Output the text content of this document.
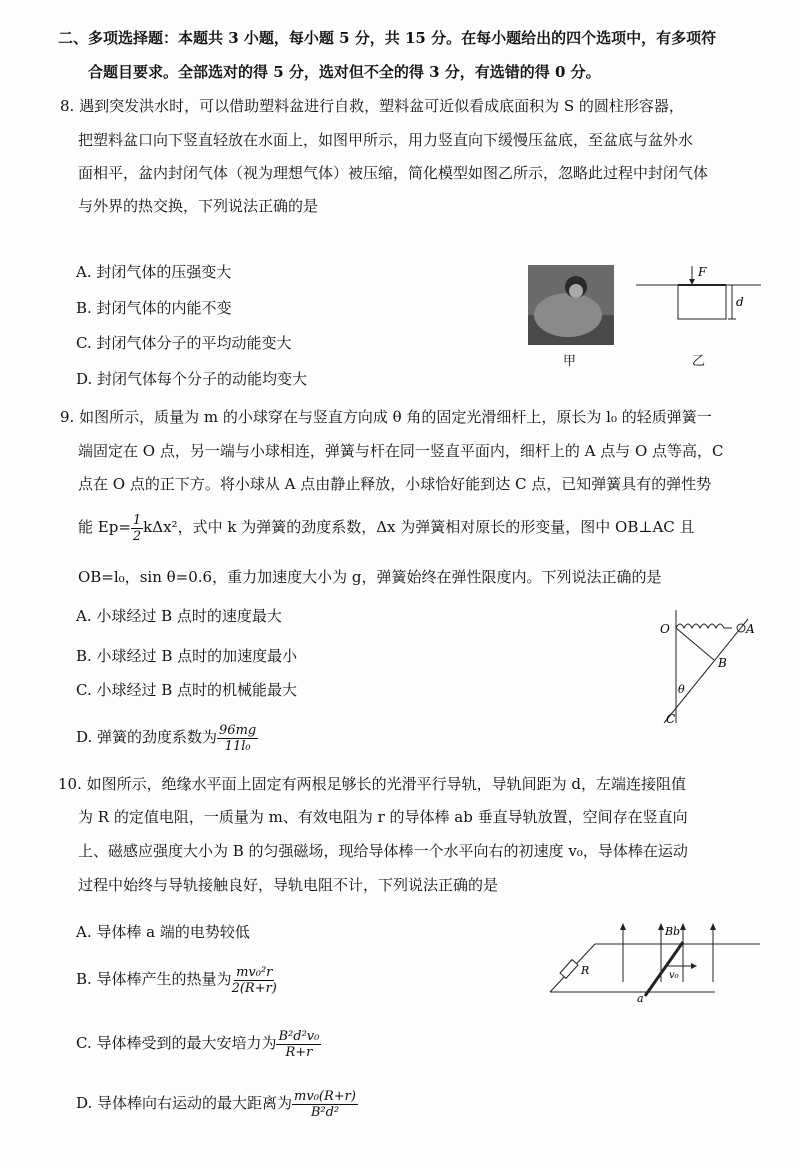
二、多项选择题：本题共 3 小题，每小题 5 分，共 15 分。在每小题给出的四个选项中，有多项符
合题目要求。全部选对的得 5 分，选对但不全的得 3 分，有选错的得 0 分。
8. 遇到突发洪水时，可以借助塑料盆进行自救，塑料盆可近似看成底面积为 S 的圆柱形容器，
把塑料盆口向下竖直轻放在水面上，如图甲所示，用力竖直向下缓慢压盆底，至盆底与盆外水
面相平，盆内封闭气体（视为理想气体）被压缩，简化模型如图乙所示，忽略此过程中封闭气体
与外界的热交换，下列说法正确的是
A. 封闭气体的压强变大
B. 封闭气体的内能不变
C. 封闭气体分子的平均动能变大
D. 封闭气体每个分子的动能均变大
甲
F
d
乙
9. 如图所示，质量为 m 的小球穿在与竖直方向成 θ 角的固定光滑细杆上，原长为 l₀ 的轻质弹簧一
端固定在 O 点，另一端与小球相连，弹簧与杆在同一竖直平面内，细杆上的 A 点与 O 点等高，C
点在 O 点的正下方。将小球从 A 点由静止释放，小球恰好能到达 C 点，已知弹簧具有的弹性势
能 $Ep= \frac{1}{2} k\Delta x^2$，式中 k 为弹簧的劲度系数，Δx 为弹簧相对原长的形变量，图中 OB⊥AC 且
OB=l₀，sin θ=0.6，重力加速度大小为 g，弹簧始终在弹性限度内。下列说法正确的是
A. 小球经过 B 点时的速度最大
B. 小球经过 B 点时的加速度最小
C. 小球经过 B 点时的机械能最大
D. 弹簧的劲度系数为 $\frac{96mg}{\text{11l₀}}$
O	A
B
θ
C
10. 如图所示，绝缘水平面上固定有两根足够长的光滑平行导轨，导轨间距为 d，左端连接阻值
为 R 的定值电阻，一质量为 m、有效电阻为 r 的导体棒 ab 垂直导轨放置，空间存在竖直向
上、磁感应强度大小为 B 的匀强磁场，现给导体棒一个水平向右的初速度 v₀，导体棒在运动
过程中始终与导轨接触良好，导轨电阻不计，下列说法正确的是
A. 导体棒 a 端的电势较低
B. 导体棒产生的热量为 $\frac{\text{mv₀²r}}{2(R+r)}$
C. 导体棒受到的最大安培力为 $\frac{\text{B²d²v₀}}{R+r}$
D. 导体棒向右运动的最大距离为 $\frac{\text{mv₀(R+r)}}{\text{B²d²}}$
R
B b
a
v₀
